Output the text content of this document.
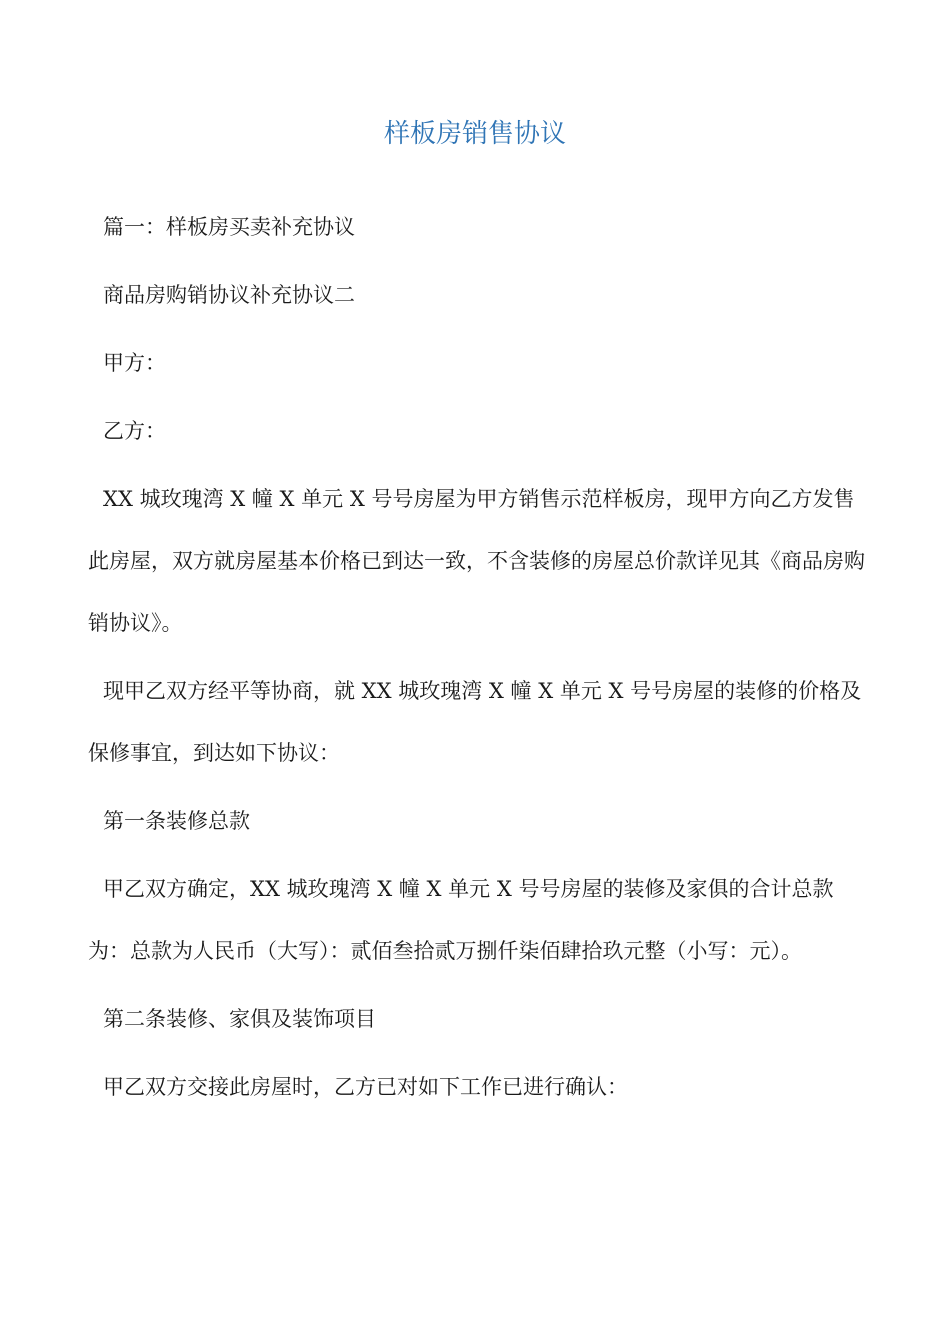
样板房销售协议

篇一：样板房买卖补充协议

商品房购销协议补充协议二

甲方：

乙方：

XX 城玫瑰湾 X 幢 X 单元 X 号号房屋为甲方销售示范样板房，现甲方向乙方发售此房屋，双方就房屋基本价格已到达一致，不含装修的房屋总价款详见其《商品房购销协议》。

现甲乙双方经平等协商，就 XX 城玫瑰湾 X 幢 X 单元 X 号号房屋的装修的价格及保修事宜，到达如下协议：

第一条装修总款

甲乙双方确定，XX 城玫瑰湾 X 幢 X 单元 X 号号房屋的装修及家俱的合计总款为：总款为人民币（大写）：贰佰叁拾贰万捌仟柒佰肆拾玖元整（小写：元）。

第二条装修、家俱及装饰项目

甲乙双方交接此房屋时，乙方已对如下工作已进行确认：
